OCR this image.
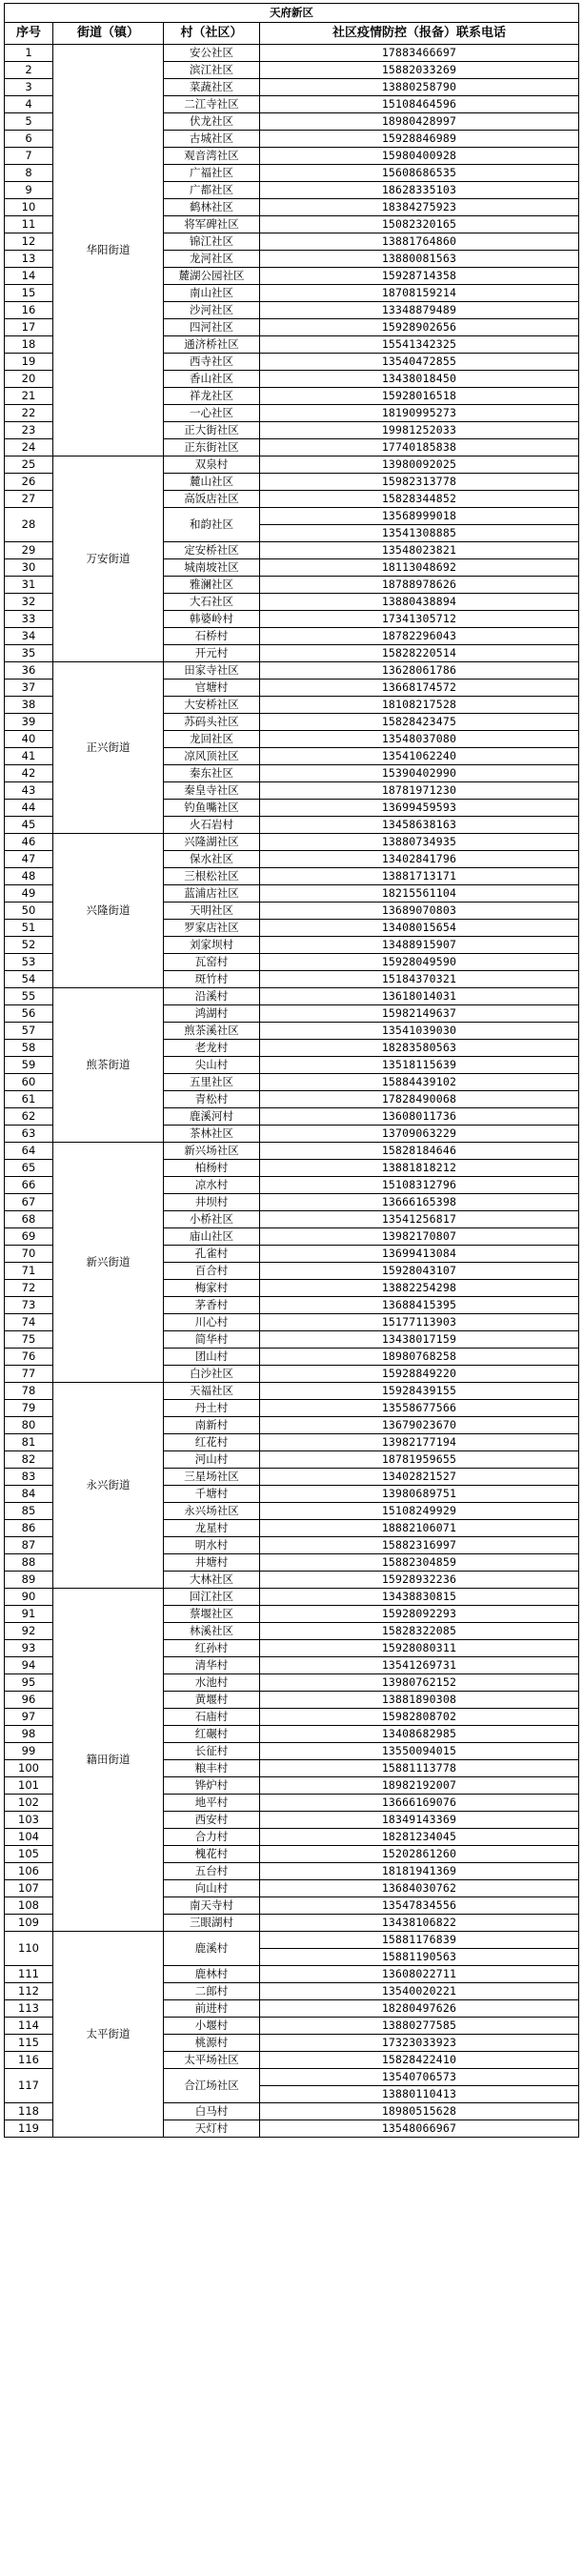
天府新区			
序号	街道（镇）	村（社区）	社区疫情防控（报备）联系电话
1	华阳街道	安公社区	17883466697
2		滨江社区	15882033269
3		菜蔬社区	13880258790
4		二江寺社区	15108464596
5		伏龙社区	18980428997
6		古城社区	15928846989
7		观音湾社区	15980400928
8		广福社区	15608686535
9		广都社区	18628335103
10		鹤林社区	18384275923
11		将军碑社区	15082320165
12		锦江社区	13881764860
13		龙河社区	13880081563
14		麓湖公园社区	15928714358
15		南山社区	18708159214
16		沙河社区	13348879489
17		四河社区	15928902656
18		通济桥社区	15541342325
19		西寺社区	13540472855
20		香山社区	13438018450
21		祥龙社区	15928016518
22		一心社区	18190995273
23		正大街社区	19981252033
24		正东街社区	17740185838
25	万安街道	双泉村	13980092025
26		麓山社区	15982313778
27		高饭店社区	15828344852
28		和韵社区	13568999018
			13541308885
29		定安桥社区	13548023821
30		城南坡社区	18113048692
31		雅澜社区	18788978626
32		大石社区	13880438894
33		韩婆岭村	17341305712
34		石桥村	18782296043
35		开元村	15828220514
36	正兴街道	田家寺社区	13628061786
37		官塘村	13668174572
38		大安桥社区	18108217528
39		苏码头社区	15828423475
40		龙回社区	13548037080
41		凉风顶社区	13541062240
42		秦东社区	15390402990
43		秦皇寺社区	18781971230
44		钓鱼嘴社区	13699459593
45		火石岩村	13458638163
46	兴隆街道	兴隆湖社区	13880734935
47		保水社区	13402841796
48		三根松社区	13881713171
49		蓝浦店社区	18215561104
50		天明社区	13689070803
51		罗家店社区	13408015654
52		刘家坝村	13488915907
53		瓦窑村	15928049590
54		斑竹村	15184370321
55	煎茶街道	沿溪村	13618014031
56		鸿湖村	15982149637
57		煎茶溪社区	13541039030
58		老龙村	18283580563
59		尖山村	13518115639
60		五里社区	15884439102
61		青松村	17828490068
62		鹿溪河村	13608011736
63		茶林社区	13709063229
64	新兴街道	新兴场社区	15828184646
65		柏杨村	13881818212
66		凉水村	15108312796
67		井坝村	13666165398
68		小桥社区	13541256817
69		庙山社区	13982170807
70		孔雀村	13699413084
71		百合村	15928043107
72		梅家村	13882254298
73		茅香村	13688415395
74		川心村	15177113903
75		简华村	13438017159
76		团山村	18980768258
77		白沙社区	15928849220
78	永兴街道	天福社区	15928439155
79		丹土村	13558677566
80		南新村	13679023670
81		红花村	13982177194
82		河山村	18781959655
83		三星场社区	13402821527
84		千塘村	13980689751
85		永兴场社区	15108249929
86		龙星村	18882106071
87		明水村	15882316997
88		井塘村	15882304859
89		大林社区	15928932236
90	籍田街道	回江社区	13438830815
91		蔡堰社区	15928092293
92		林溪社区	15828322085
93		红孙村	15928080311
94		清华村	13541269731
95		水池村	13980762152
96		黄堰村	13881890308
97		石庙村	15982808702
98		红碾村	13408682985
99		长征村	13550094015
100		粮丰村	15881113778
101		铧炉村	18982192007
102		地平村	13666169076
103		西安村	18349143369
104		合力村	18281234045
105		槐花村	15202861260
106		五台村	18181941369
107		向山村	13684030762
108		南天寺村	13547834556
109		三眼湖村	13438106822
110	太平街道	鹿溪村	15881176839
			15881190563
111		鹿林村	13608022711
112		二郎村	13540020221
113		前进村	18280497626
114		小堰村	13880277585
115		桃源村	17323033923
116		太平场社区	15828422410
117		合江场社区	13540706573
			13880110413
118		白马村	18980515628
119		天灯村	13548066967
